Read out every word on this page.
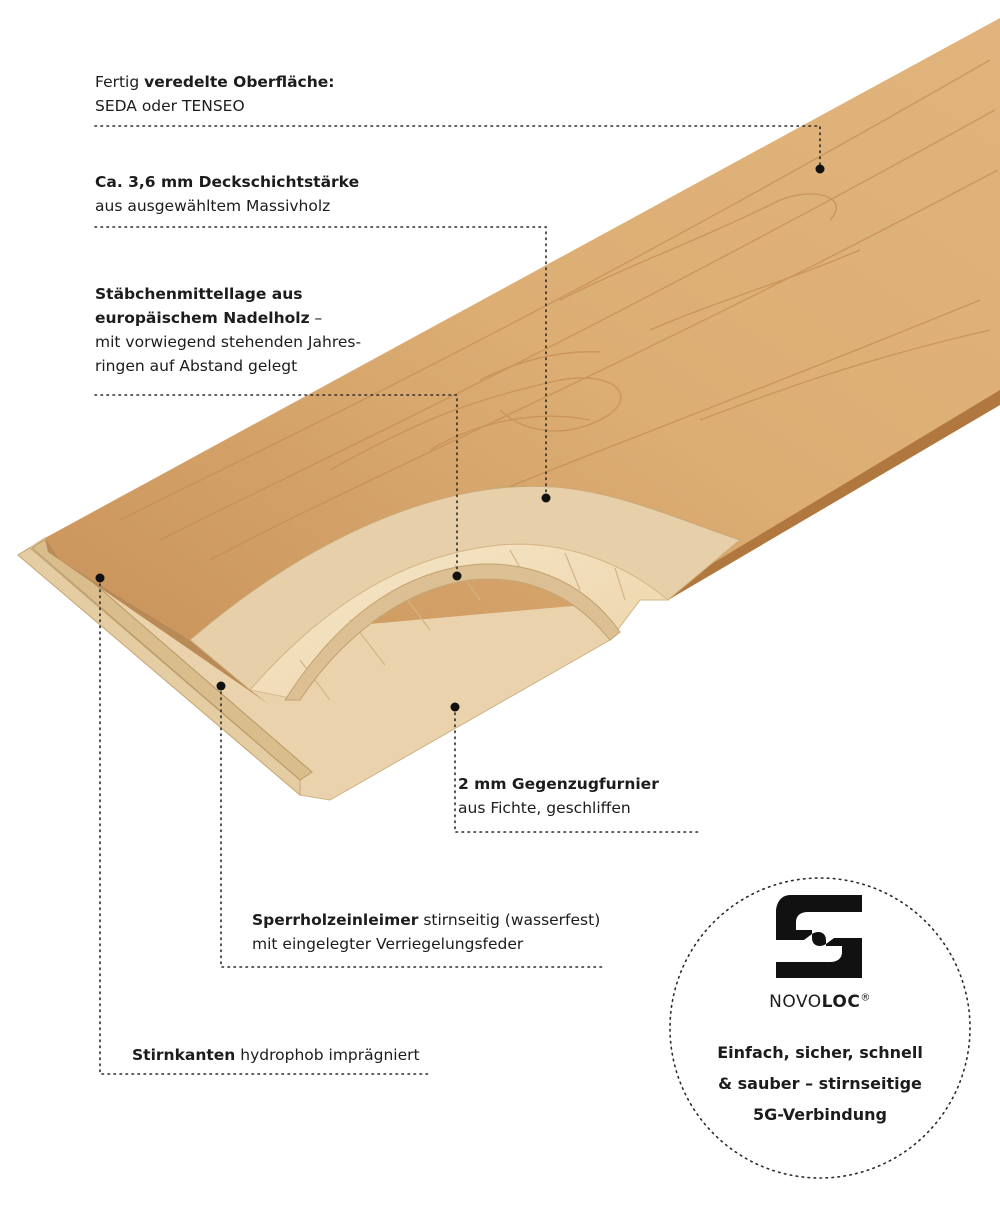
Fertig veredelte Oberfläche:
SEDA oder TENSEO
Ca. 3,6 mm Deckschichtstärke
aus ausgewähltem Massivholz
Stäbchenmittellage aus
europäischem Nadelholz –
mit vorwiegend stehenden Jahres-
ringen auf Abstand gelegt
2 mm Gegenzugfurnier
aus Fichte, geschliffen
Sperrholzeinleimer stirnseitig (wasserfest)
mit eingelegter Verriegelungsfeder
Stirnkanten hydrophob imprägniert
NOVOLOC®
Einfach, sicher, schnell
& sauber – stirnseitige
5G-Verbindung
